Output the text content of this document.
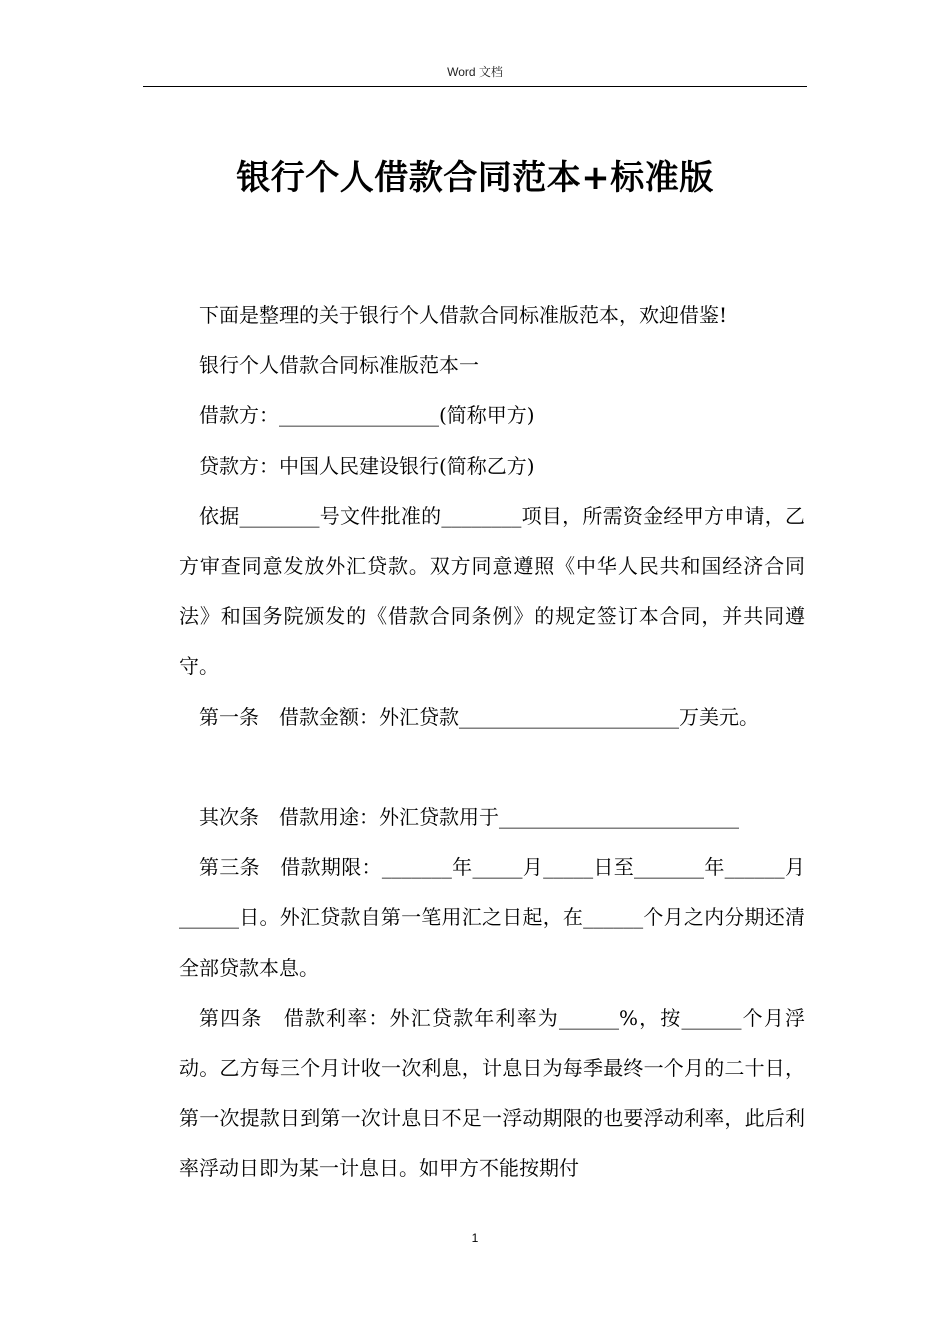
Word 文档
银行个人借款合同范本+标准版

下面是整理的关于银行个人借款合同标准版范本，欢迎借鉴!

银行个人借款合同标准版范本一

借款方：________________(简称甲方)

贷款方：中国人民建设银行(简称乙方)

依据________号文件批准的________项目，所需资金经甲方申请，乙方审查同意发放外汇贷款。双方同意遵照《中华人民共和国经济合同法》和国务院颁发的《借款合同条例》的规定签订本合同，并共同遵守。

第一条　借款金额：外汇贷款______________________万美元。

其次条　借款用途：外汇贷款用于________________________

第三条　借款期限：_______年_____月_____日至_______年______月______日。外汇贷款自第一笔用汇之日起，在______个月之内分期还清全部贷款本息。

第四条　借款利率：外汇贷款年利率为______%，按______个月浮动。乙方每三个月计收一次利息，计息日为每季最终一个月的二十日，第一次提款日到第一次计息日不足一浮动期限的也要浮动利率，此后利率浮动日即为某一计息日。如甲方不能按期付

1
